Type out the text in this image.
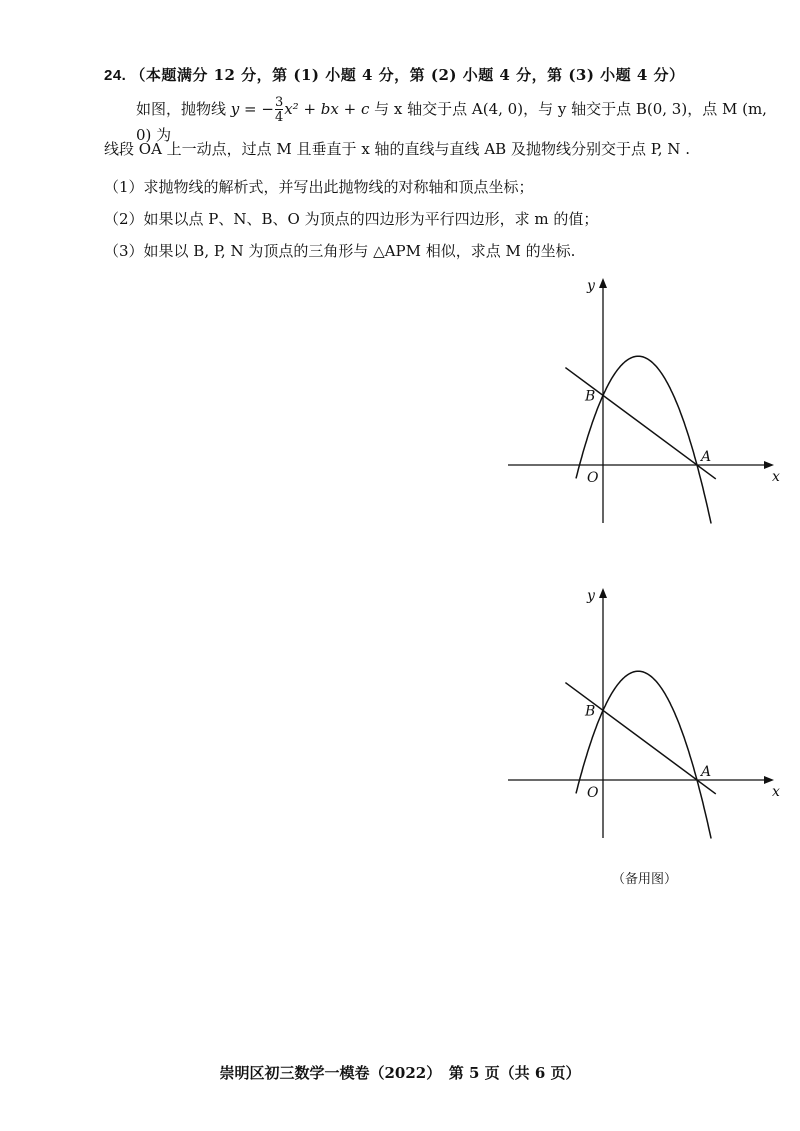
24. （本题满分 12 分，第 (1) 小题 4 分，第 (2) 小题 4 分，第 (3) 小题 4 分）
如图，抛物线 y = − $\frac{3}{4} x^2$ + bx + c 与 x 轴交于点 A(4, 0)，与 y 轴交于点 B(0, 3)，点 M (m, 0) 为
线段 OA 上一动点，过点 M 且垂直于 x 轴的直线与直线 AB 及抛物线分别交于点 P, N .
（1）求抛物线的解析式，并写出此抛物线的对称轴和顶点坐标；
（2）如果以点 P、N、B、O 为顶点的四边形为平行四边形，求 m 的值；
（3）如果以 B, P, N 为顶点的三角形与 △APM 相似，求点 M 的坐标.
y
x
O
A
B
y
x
O
A
B
（备用图）
崇明区初三数学一模卷（2022）　第 5 页（共 6 页）
